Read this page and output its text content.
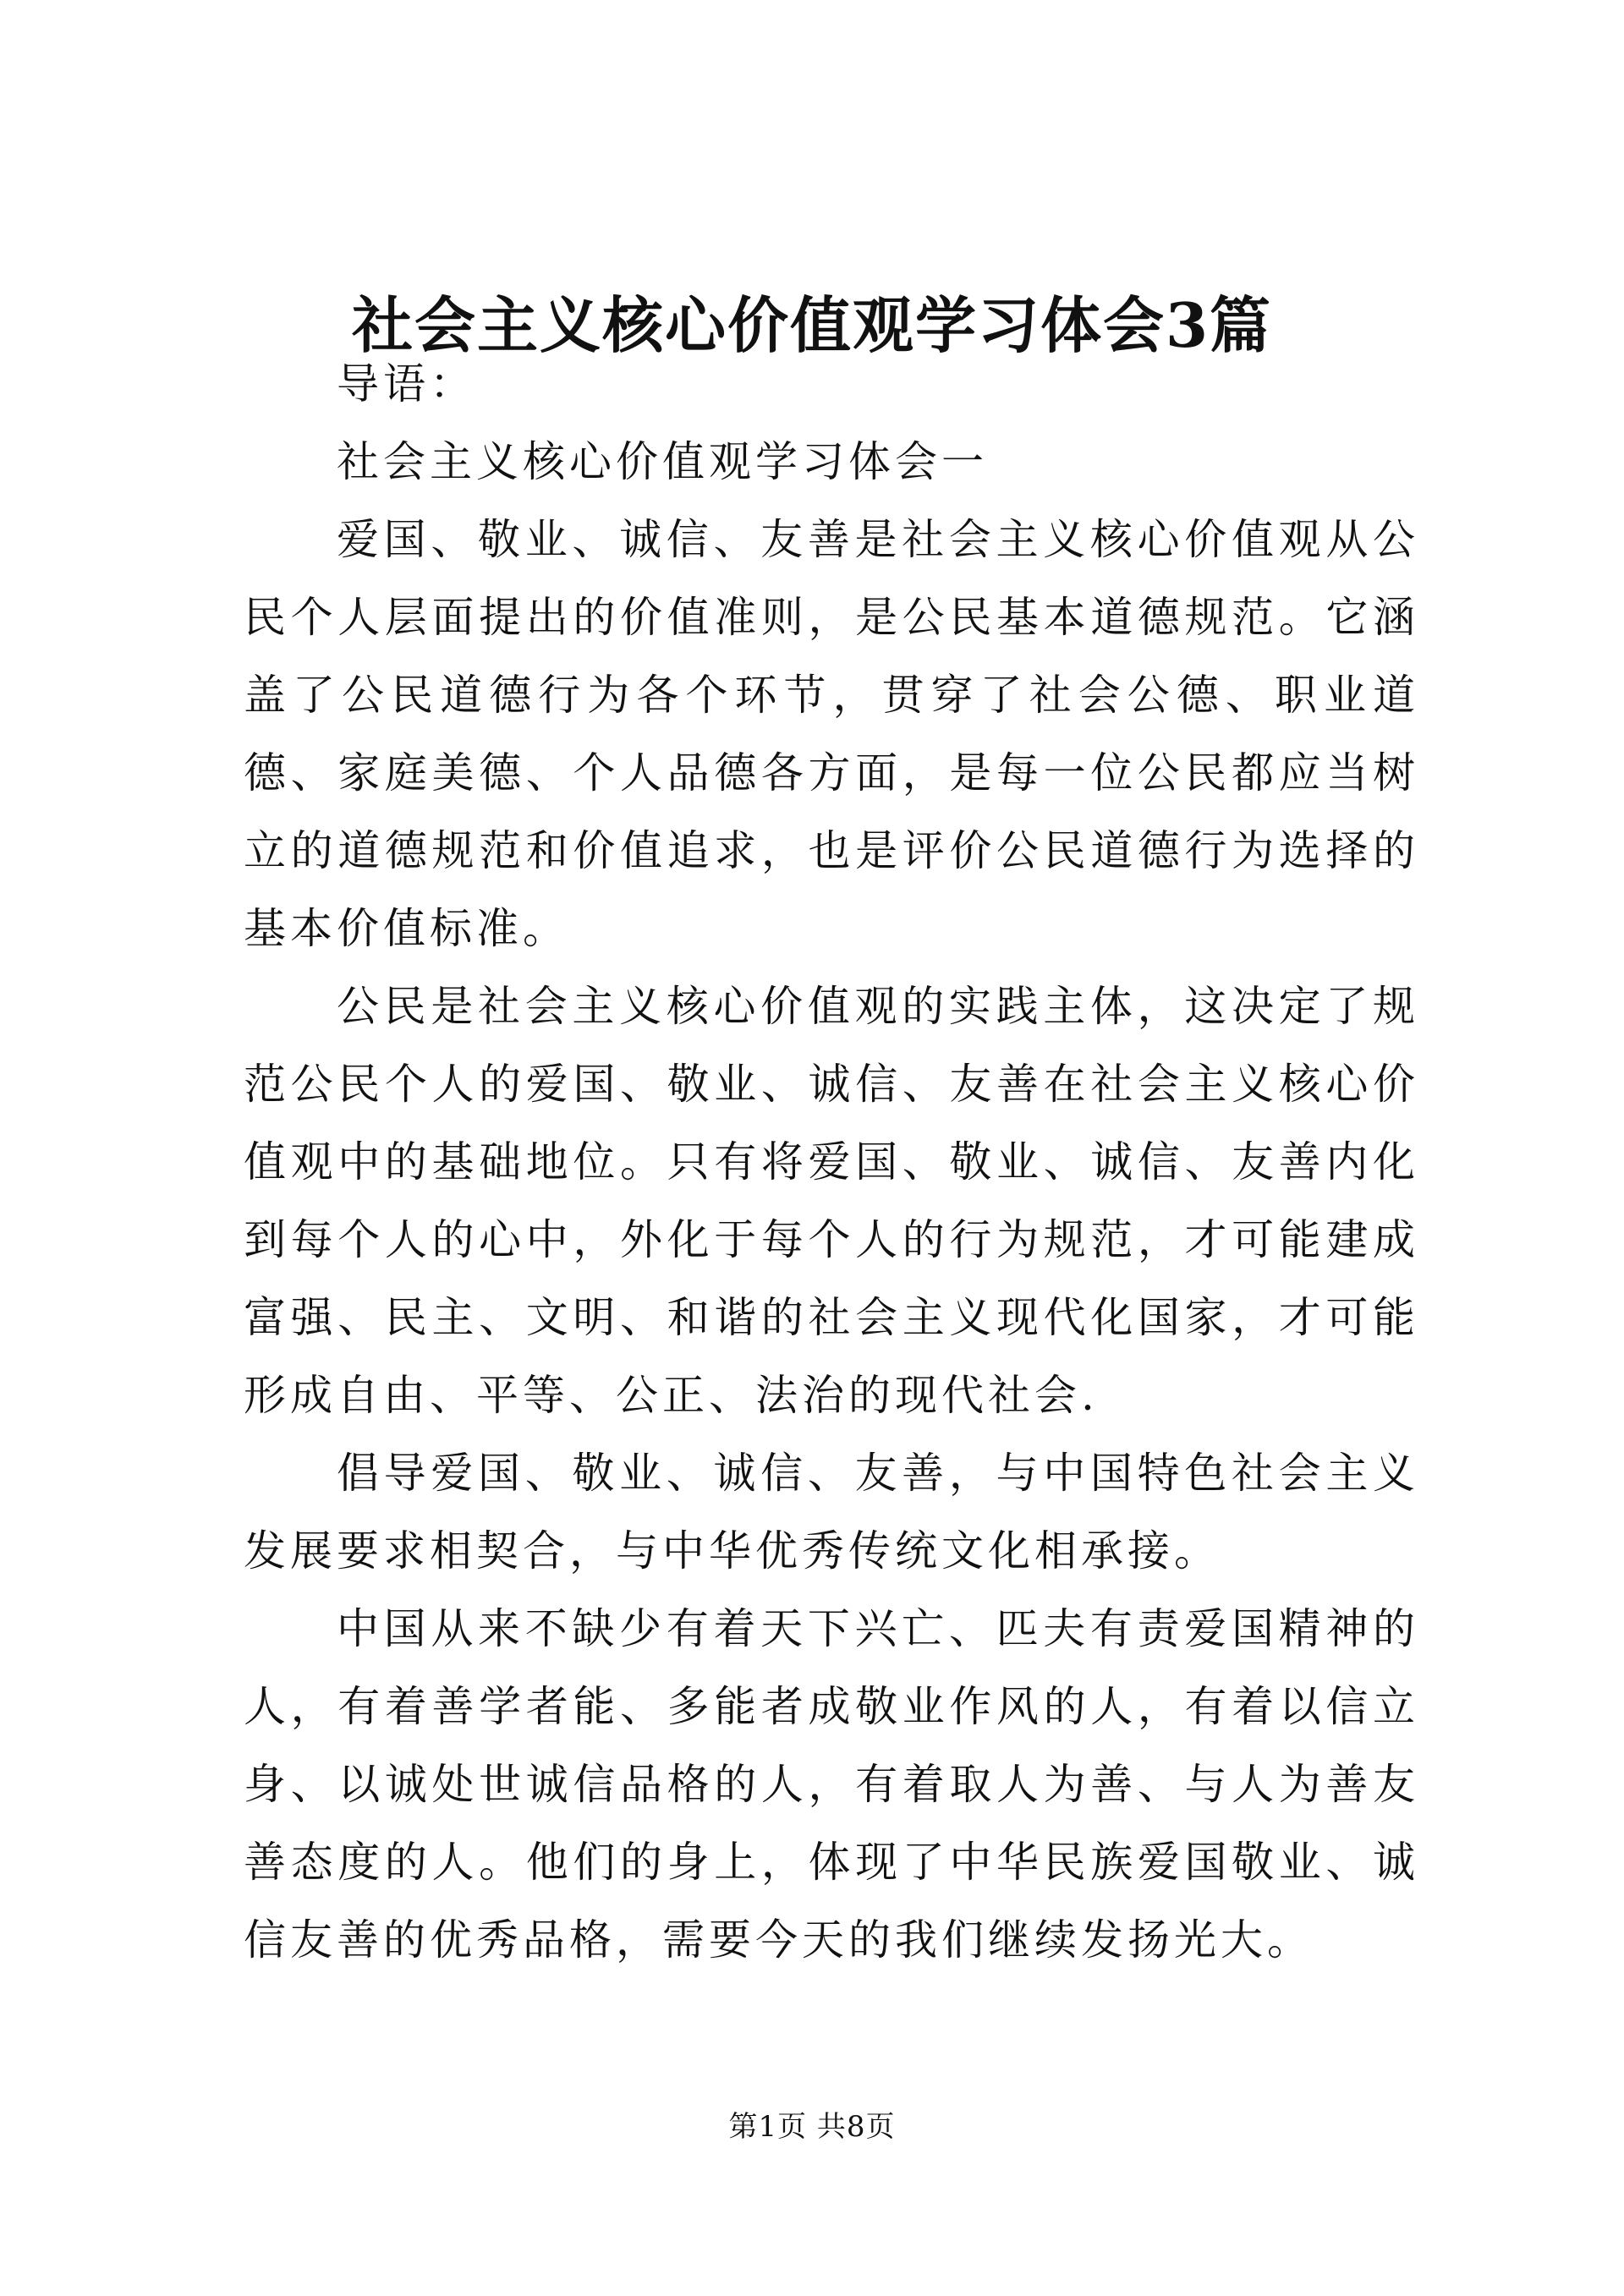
社会主义核心价值观学习体会3篇

导语：

社会主义核心价值观学习体会一

爱国、敬业、诚信、友善是社会主义核心价值观从公民个人层面提出的价值准则，是公民基本道德规范。它涵盖了公民道德行为各个环节，贯穿了社会公德、职业道德、家庭美德、个人品德各方面，是每一位公民都应当树立的道德规范和价值追求，也是评价公民道德行为选择的基本价值标准。

公民是社会主义核心价值观的实践主体，这决定了规范公民个人的爱国、敬业、诚信、友善在社会主义核心价值观中的基础地位。只有将爱国、敬业、诚信、友善内化到每个人的心中，外化于每个人的行为规范，才可能建成富强、民主、文明、和谐的社会主义现代化国家，才可能形成自由、平等、公正、法治的现代社会.

倡导爱国、敬业、诚信、友善，与中国特色社会主义发展要求相契合，与中华优秀传统文化相承接。

中国从来不缺少有着天下兴亡、匹夫有责爱国精神的人，有着善学者能、多能者成敬业作风的人，有着以信立身、以诚处世诚信品格的人，有着取人为善、与人为善友善态度的人。他们的身上，体现了中华民族爱国敬业、诚信友善的优秀品格，需要今天的我们继续发扬光大。

第1页 共8页
